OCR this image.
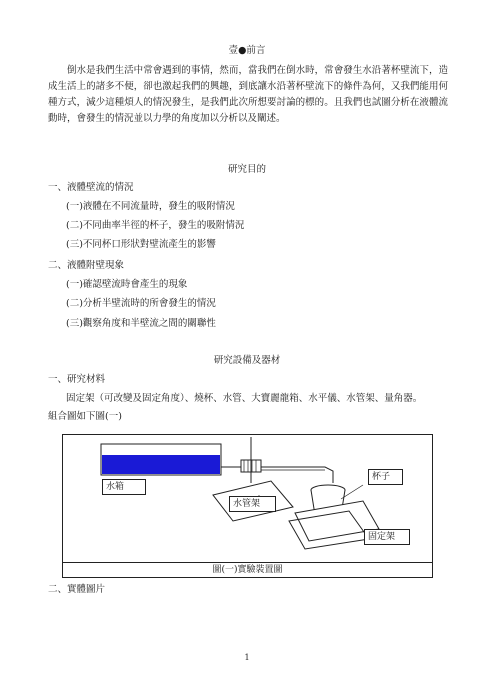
壹●前言
倒水是我們生活中常會遇到的事情，然而，當我們在倒水時，常會發生水沿著杯壁流下，造成生活上的諸多不便，卻也激起我們的興趣，到底讓水沿著杯壁流下的條件為何，又我們能用何種方式，減少這種煩人的情況發生，是我們此次所想要討論的標的。且我們也試圖分析在液體流動時，會發生的情況並以力學的角度加以分析以及闡述。
研究目的
一、液體壁流的情況
(一)液體在不同流量時，發生的吸附情況
(二)不同曲率半徑的杯子，發生的吸附情況
(三)不同杯口形狀對壁流產生的影響
二、液體附壁現象
(一)確認壁流時會產生的現象
(二)分析半壁流時的所會發生的情況
(三)觀察角度和半壁流之間的關聯性
研究設備及器材
一、研究材料
固定架（可改變及固定角度）、燒杯、水管、大寶麗龍箱、水平儀、水管架、量角器。
組合圖如下圖(一)
水箱
水管架
杯子
固定架
圖(一)實驗裝置圖
二、實體圖片
1
